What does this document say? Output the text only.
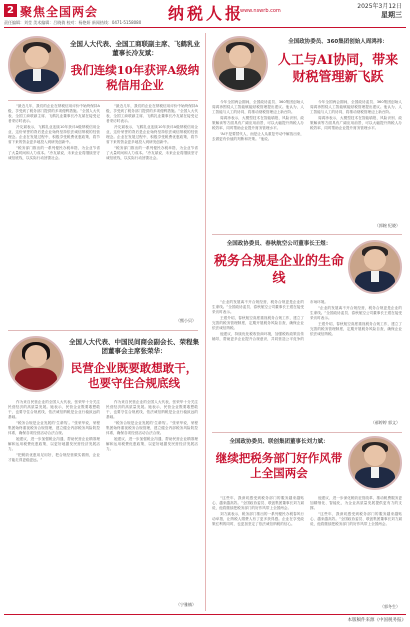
2 聚焦全国两会	纳税人报
www.nswrb.com
2025年3月12日
星期三
责任编辑：刘莹 美术编辑：吕晓倩 校对：杨艳妍 新闻热线：0471-5158080
全国人大代表、全国工商联副主席、飞鹤乳业董事长冷友斌：
我们连续10年获评A级纳税信用企业

“最近几年，我们的企业在纳税信用评价中始终保持A级，享受到了税务部门提供的多项便利措施。”全国人大代表、全国工商联副主席、飞鹤乳业董事长冷友斌在接受记者采访时表示。

冷友斌表示，飞鹤乳业连续10年获评A级纳税信用企业，这份荣誉的背后是企业始终坚持依法诚信纳税的经营理念。企业在发展过程中，积极享受税费优惠政策，将节省下来的资金更多地投入到研发创新中。

“税务部门推出的一系列便民办税举措，为企业节省了大量时间和人力成本。”冷友斌说，未来企业将继续坚守诚信底线，以实际行动回馈社会。

“最近几年，我们的企业在纳税信用评价中始终保持A级，享受到了税务部门提供的多项便利措施。”全国人大代表、全国工商联副主席、飞鹤乳业董事长冷友斌在接受记者采访时表示。

冷友斌表示，飞鹤乳业连续10年获评A级纳税信用企业，这份荣誉的背后是企业始终坚持依法诚信纳税的经营理念。企业在发展过程中，积极享受税费优惠政策，将节省下来的资金更多地投入到研发创新中。

“税务部门推出的一系列便民办税举措，为企业节省了大量时间和人力成本。”冷友斌说，未来企业将继续坚守诚信底线，以实际行动回馈社会。

（熊小贝）
全国人大代表、中国民间商会副会长、荣程集团董事会主席张荣华：
民营企业既要敢想敢干，也要守住合规底线

作为来自民营企业的全国人大代表，张荣华十分关注民营经济的高质量发展。她表示，民营企业既要敢想敢干，也要守住合规底线，依法诚信纳税是企业行稳致远的基础。

“税务合规是企业发展的‘生命线’。”张荣华说，荣程集团始终重视税务合规管理，建立健全内部税务风险防控体系，确保各项经营活动合法合规。

她建议，进一步加强税企沟通，帮助民营企业精准理解和运用税费优惠政策，以更好地激发民营经济发展活力。

“把税收优惠用足用好，把合规经营做实做细，企业才能走得更稳更远。”

作为来自民营企业的全国人大代表，张荣华十分关注民营经济的高质量发展。她表示，民营企业既要敢想敢干，也要守住合规底线，依法诚信纳税是企业行稳致远的基础。

“税务合规是企业发展的‘生命线’。”张荣华说，荣程集团始终重视税务合规管理，建立健全内部税务风险防控体系，确保各项经营活动合法合规。

她建议，进一步加强税企沟通，帮助民营企业精准理解和运用税费优惠政策，以更好地激发民营经济发展活力。

（宁雅楠）
全国政协委员、360集团创始人周鸿祎：
人工与AI协同，带来财税管理新飞跃

今年全国两会期间，全国政协委员、360集团创始人周鸿祎围绕人工智能赋能财税管理提出建议。他认为，人工智能与人工的协同，将推动财税管理迈上新台阶。

周鸿祎表示，大模型技术在智能填报、风险识别、政策解读等方面具有广阔应用前景，可以大幅提升纳税人办税效率，同时帮助企业提升财务管理水平。

“AI不是要替代人，而是让人从重复劳动中解放出来，去做更有价值的判断和决策。”他说。

今年全国两会期间，全国政协委员、360集团创始人周鸿祎围绕人工智能赋能财税管理提出建议。他认为，人工智能与人工的协同，将推动财税管理迈上新台阶。

周鸿祎表示，大模型技术在智能填报、风险识别、政策解读等方面具有广阔应用前景，可以大幅提升纳税人办税效率，同时帮助企业提升财务管理水平。

（郭婉 纪晓）
全国政协委员、春秋航空公司董事长王煜：
税务合规是企业的生命线

“企业的发展离不开合规经营，税务合规更是企业的生命线。”全国政协委员、春秋航空公司董事长王煜在接受采访时表示。

王煜介绍，春秋航空高度重视税务合规工作，建立了完善的税务管理制度，定期开展税务风险自查，确保企业依法诚信纳税。

他建议，持续优化税收营商环境，加强税收政策宣传辅导，帮助更多企业提升合规意识，共同营造公平竞争的市场环境。

“企业的发展离不开合规经营，税务合规更是企业的生命线。”全国政协委员、春秋航空公司董事长王煜在接受采访时表示。

王煜介绍，春秋航空高度重视税务合规工作，建立了完善的税务管理制度，定期开展税务风险自查，确保企业依法诚信纳税。

（郝婷婷 郭文）
全国政协委员、联创集团董事长刘力斌：
继续把税务部门好作风带上全国两会

“这些年，我深切感受到税务部门的服务越来越贴心、越来越高效。”全国政协委员、联创集团董事长刘力斌说，他将继续把税务部门的好作风带上全国两会。

刘力斌表示，税务部门推出的一系列便民办税春风行动举措，让纳税人缴费人有了更多获得感。企业在享受政策红利的同时，也更加坚定了依法诚信纳税的信心。

他建议，进一步深化税收征管改革，推动税费服务更加精细化、智能化，为企业高质量发展提供更有力的支撑。

“这些年，我深切感受到税务部门的服务越来越贴心、越来越高效。”全国政协委员、联创集团董事长刘力斌说，他将继续把税务部门的好作风带上全国两会。

（郭冬生）
本版稿件来源《中国税务报》
